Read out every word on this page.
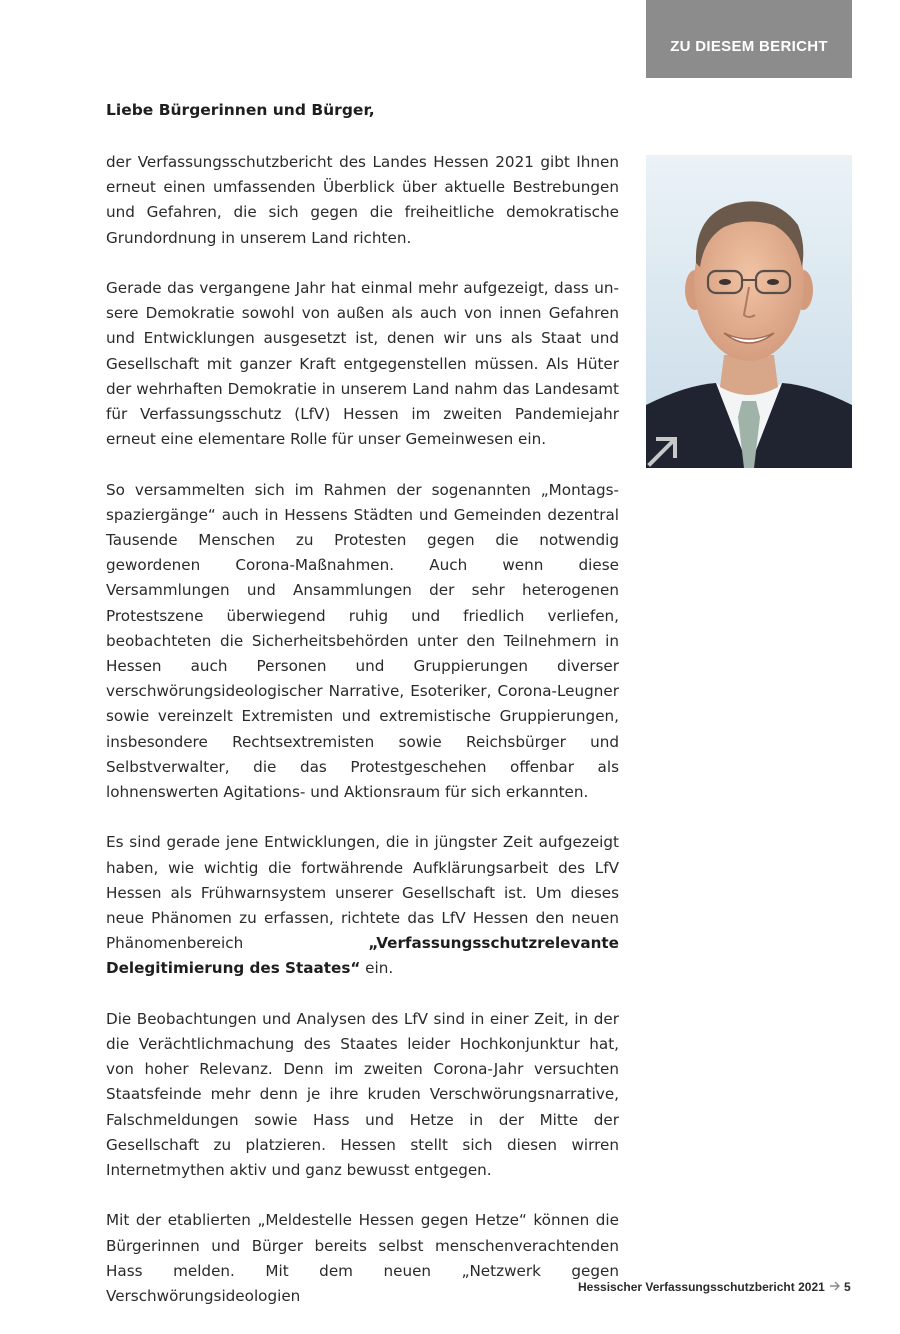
ZU DIESEM BERICHT
Liebe Bürgerinnen und Bürger,

der Verfassungsschutzbericht des Landes Hessen 2021 gibt Ihnen erneut einen umfassenden Überblick über aktuelle Bestrebungen und Gefahren, die sich gegen die freiheitliche demokratische Grundordnung in unserem Land richten.

Gerade das vergangene Jahr hat einmal mehr aufgezeigt, dass unsere Demokratie sowohl von außen als auch von innen Gefahren und Entwicklungen ausgesetzt ist, denen wir uns als Staat und Gesellschaft mit ganzer Kraft entgegenstellen müssen. Als Hüter der wehrhaften Demokratie in unserem Land nahm das Landesamt für Verfassungsschutz (LfV) Hessen im zweiten Pandemiejahr erneut eine elementare Rolle für unser Gemeinwesen ein.

So versammelten sich im Rahmen der sogenannten „Montagsspaziergänge“ auch in Hessens Städten und Gemeinden dezentral Tausende Menschen zu Protesten gegen die notwendig gewordenen Corona-Maßnahmen. Auch wenn diese Versammlungen und Ansammlungen der sehr heterogenen Protestszene überwiegend ruhig und friedlich verliefen, beobachteten die Sicherheitsbehörden unter den Teilnehmern in Hessen auch Personen und Gruppierungen diverser verschwörungsideologischer Narrative, Esoteriker, Corona-Leugner sowie vereinzelt Extremisten und extremistische Gruppierungen, insbesondere Rechtsextremisten sowie Reichsbürger und Selbstverwalter, die das Protestgeschehen offenbar als lohnenswerten Agitations- und Aktionsraum für sich erkannten.

Es sind gerade jene Entwicklungen, die in jüngster Zeit aufgezeigt haben, wie wichtig die fortwährende Aufklärungsarbeit des LfV Hessen als Frühwarnsystem unserer Gesellschaft ist. Um dieses neue Phänomen zu erfassen, richtete das LfV Hessen den neuen Phänomenbereich „Verfassungsschutzrelevante Delegitimierung des Staates“ ein.

Die Beobachtungen und Analysen des LfV sind in einer Zeit, in der die Verächtlichmachung des Staates leider Hochkonjunktur hat, von hoher Relevanz. Denn im zweiten Corona-Jahr versuchten Staatsfeinde mehr denn je ihre kruden Verschwörungsnarrative, Falschmeldungen sowie Hass und Hetze in der Mitte der Gesellschaft zu platzieren. Hessen stellt sich diesen wirren Internetmythen aktiv und ganz bewusst entgegen.

Mit der etablierten „Meldestelle Hessen gegen Hetze“ können die Bürgerinnen und Bürger bereits selbst menschenverachtenden Hass melden. Mit dem neuen „Netzwerk gegen Verschwörungsideologien

Hessischer Verfassungsschutzbericht 2021 5
